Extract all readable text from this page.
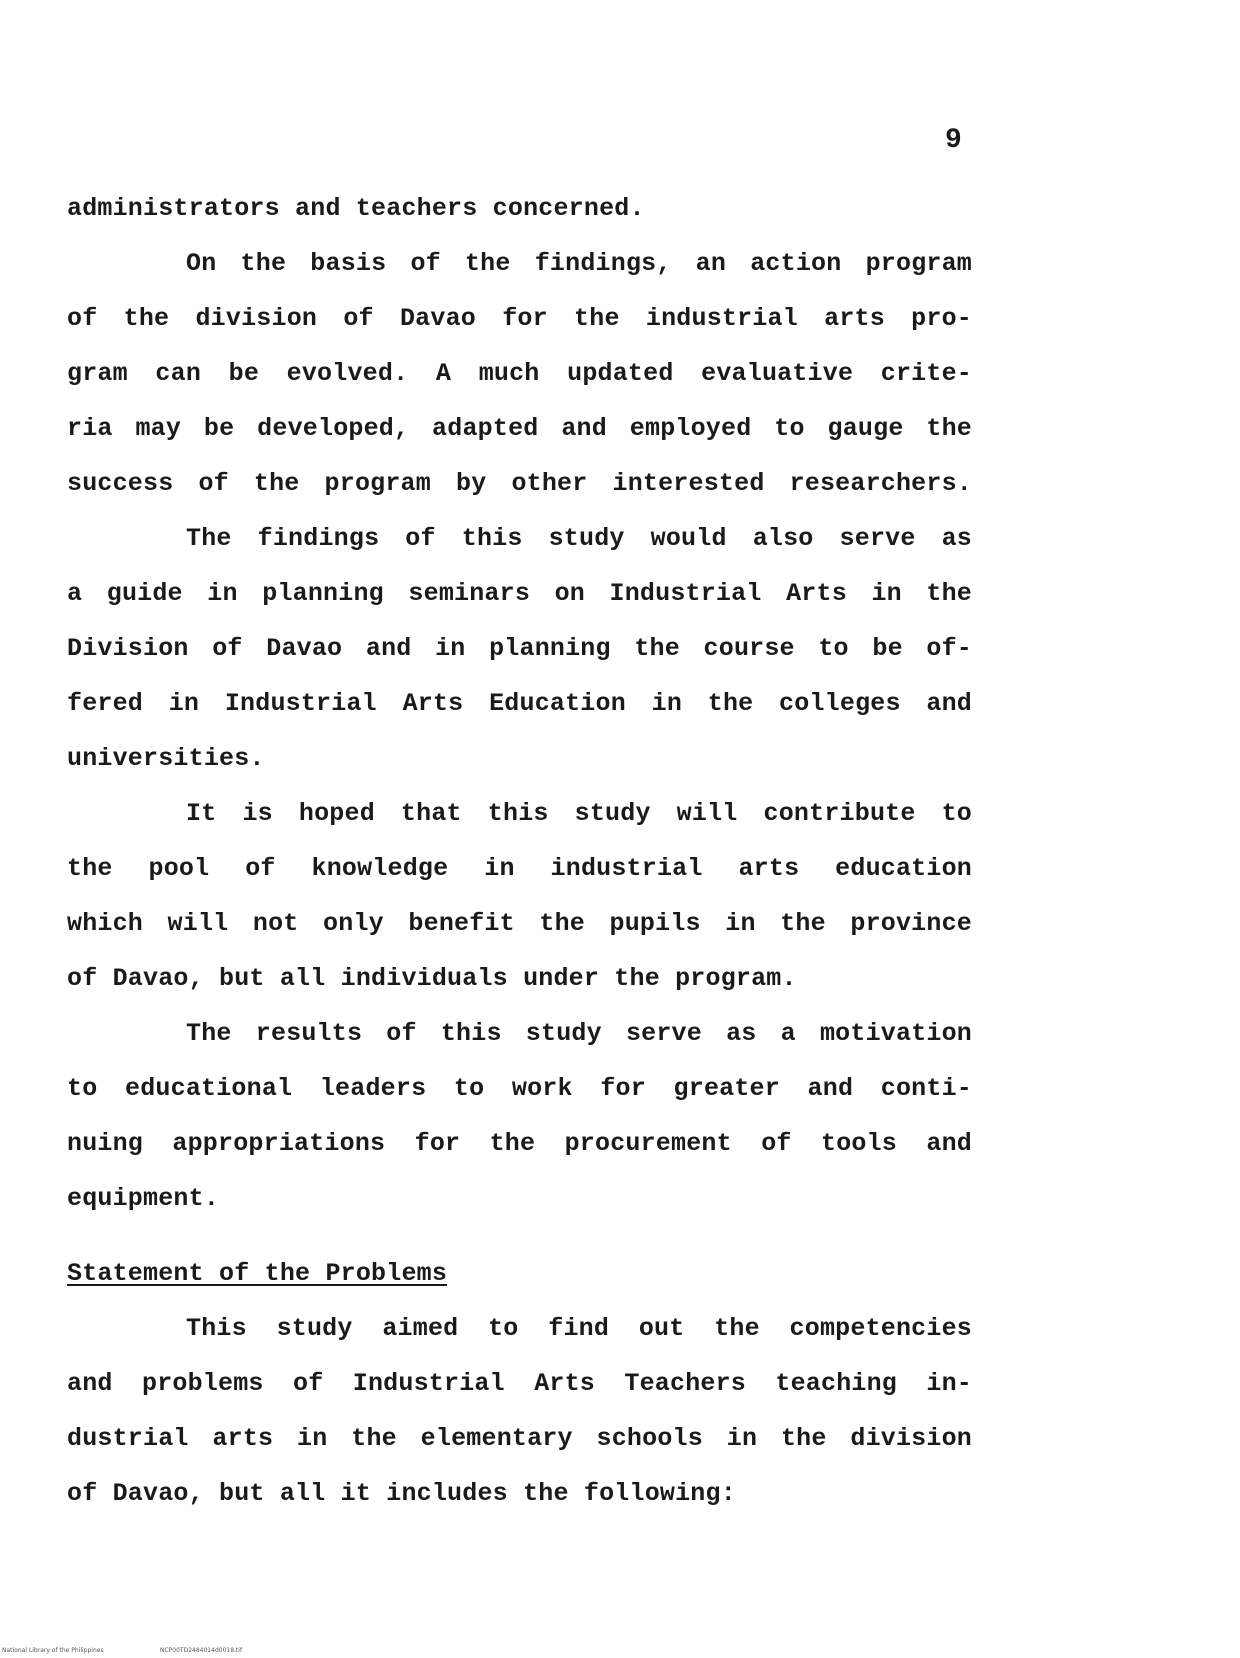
9
administrators and teachers concerned.
On the basis of the findings, an action program
of the division of Davao for the industrial arts pro-
gram can be evolved. A much updated evaluative crite-
ria may be developed, adapted and employed to gauge the
success of the program by other interested researchers.
The findings of this study would also serve as
a guide in planning seminars on Industrial Arts in the
Division of Davao and in planning the course to be of-
fered in Industrial Arts Education in the colleges and
universities.
It is hoped that this study will contribute to
the pool of knowledge in industrial arts education
which will not only benefit the pupils in the province
of Davao, but all individuals under the program.
The results of this study serve as a motivation
to educational leaders to work for greater and conti-
nuing appropriations for the procurement of tools and
equipment.
Statement of the Problems
This study aimed to find out the competencies
and problems of Industrial Arts Teachers teaching in-
dustrial arts in the elementary schools in the division
of Davao, but all it includes the following:
National Library of the Philippines	NCP00TD2484014d0018.tif
